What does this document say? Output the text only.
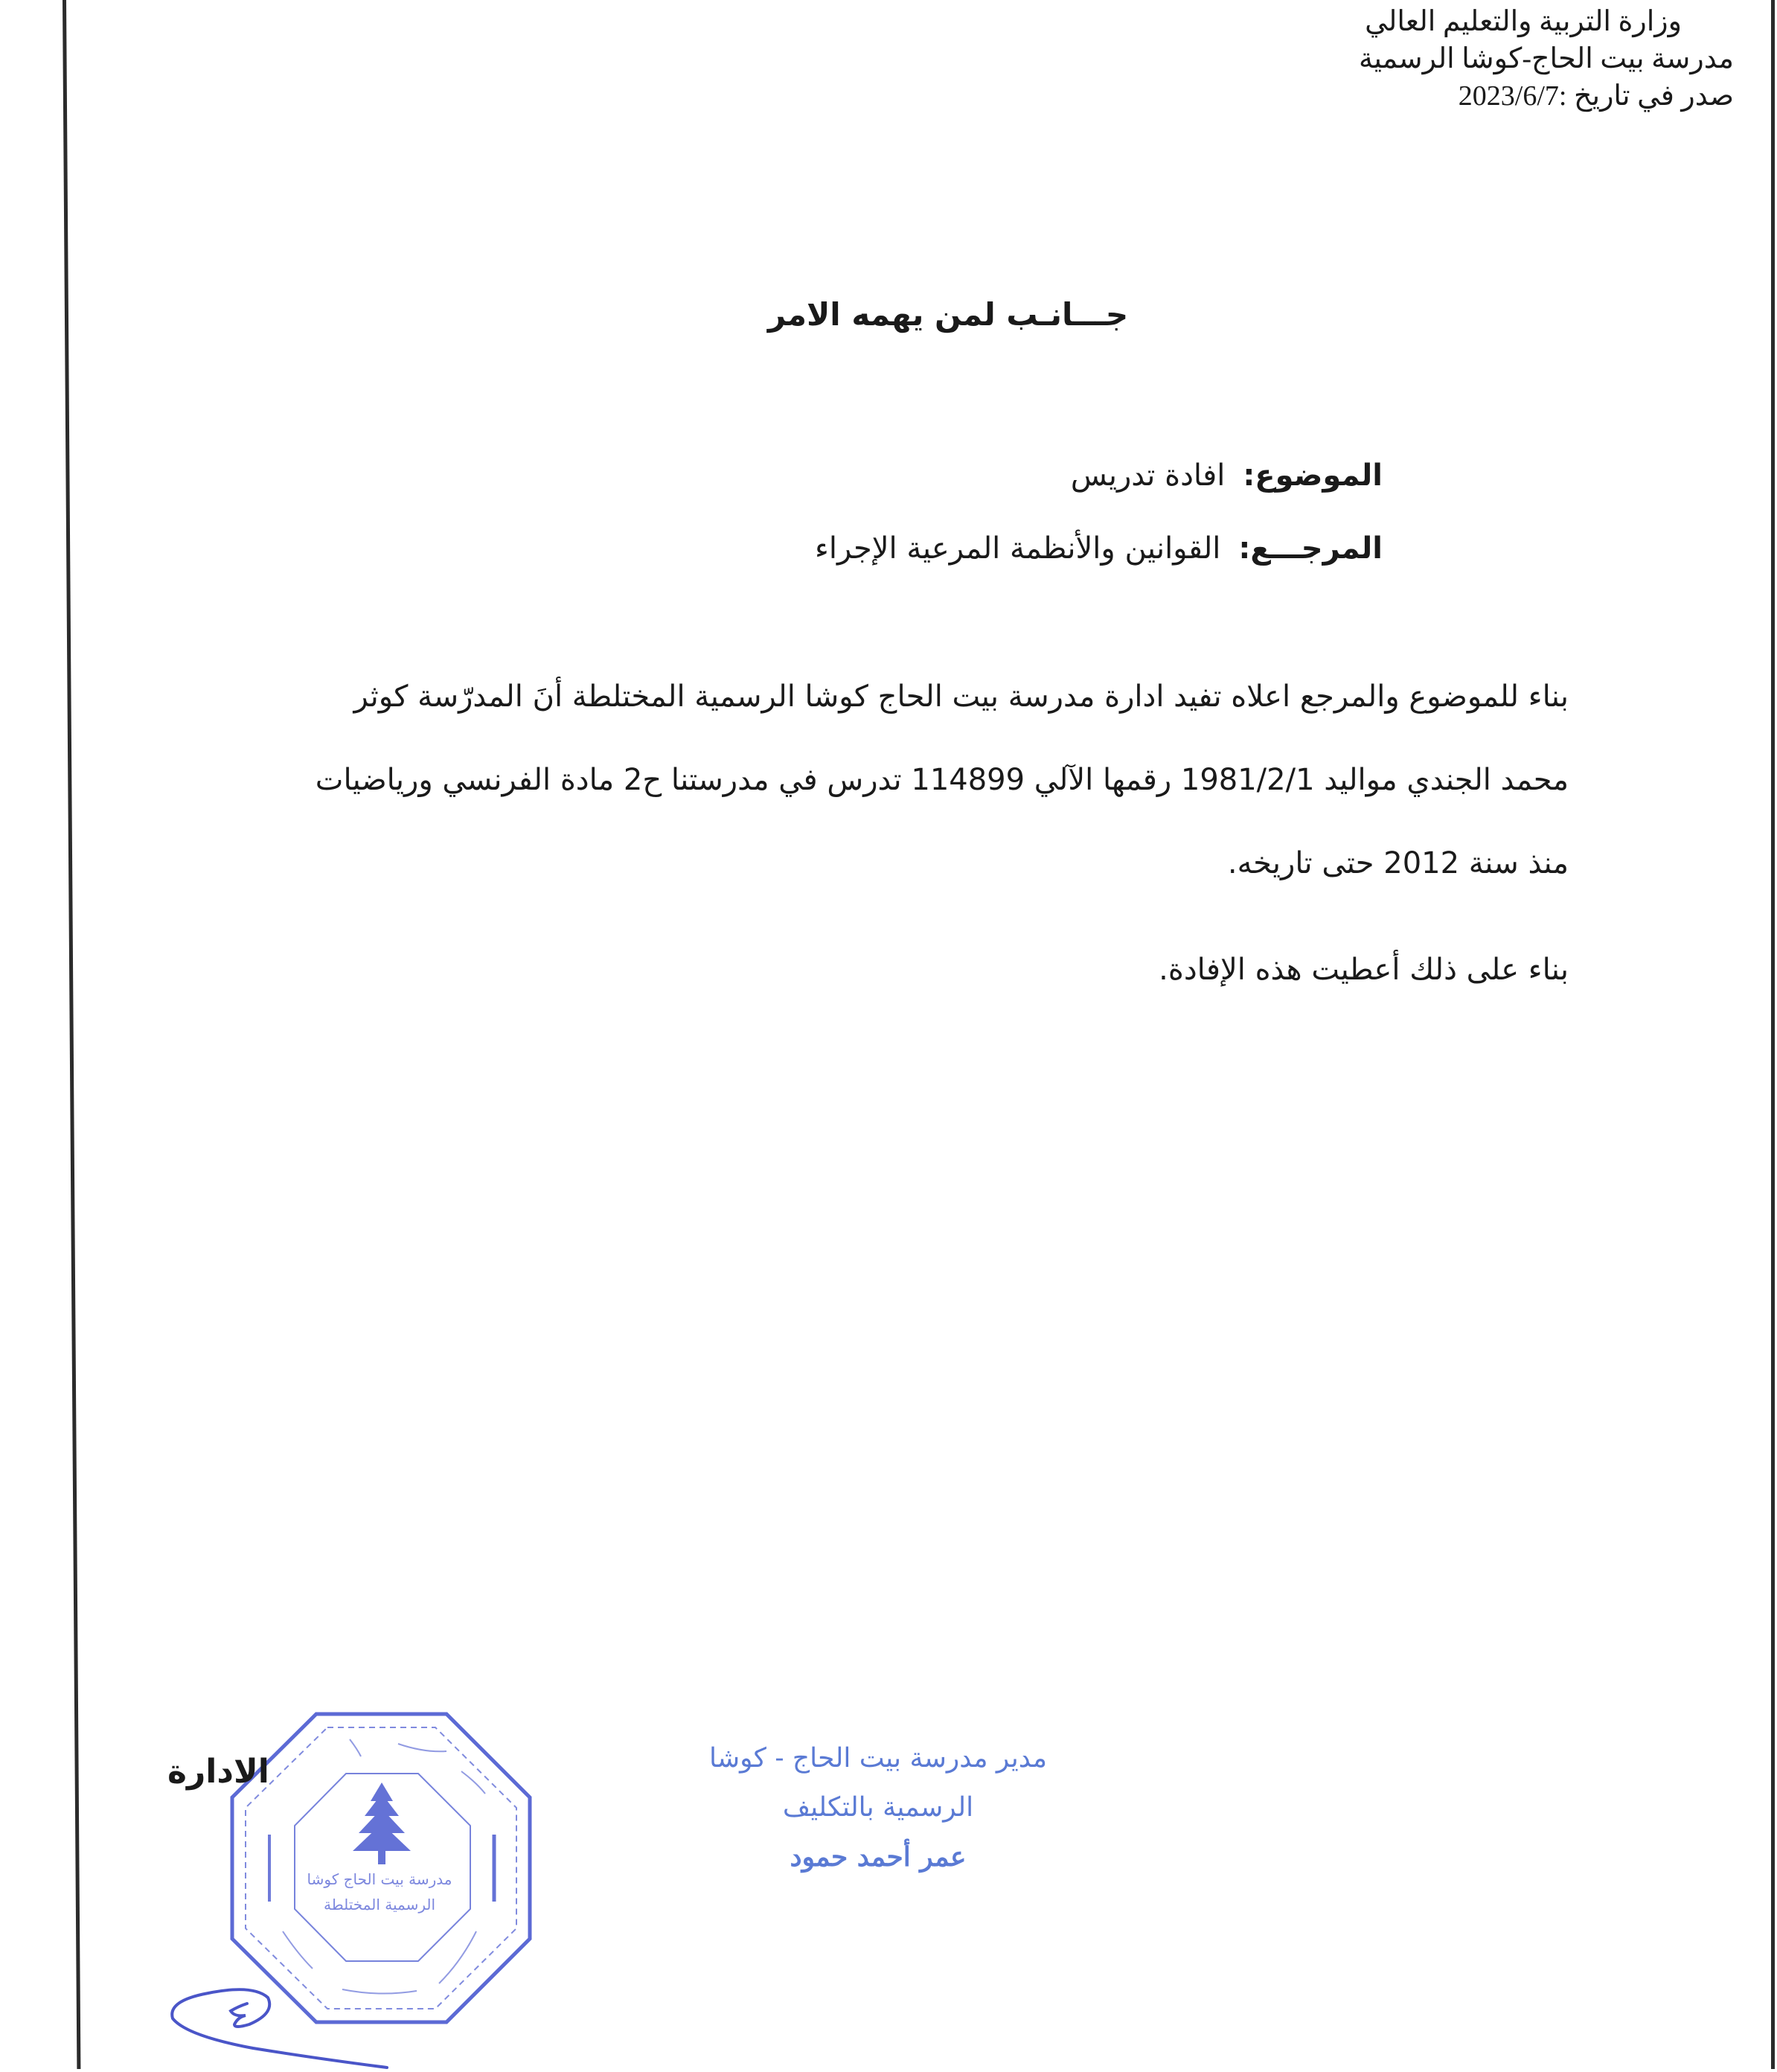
وزارة التربية والتعليم العالي
مدرسة بيت الحاج-كوشا الرسمية
صدر في تاريخ :2023/6/7
جـــانـب لمن يهمه الامر
الموضوع:افادة تدريس
المرجـــع:القوانين والأنظمة المرعية الإجراء
بناء للموضوع والمرجع اعلاه تفيد ادارة مدرسة بيت الحاج كوشا الرسمية المختلطة أنَ المدرّسة كوثر
محمد الجندي مواليد 1981/2/1 رقمها الآلي 114899 تدرس في مدرستنا ح2 مادة الفرنسي ورياضيات
منذ سنة 2012 حتى تاريخه.
بناء على ذلك أعطيت هذه الإفادة.
مدير مدرسة بيت الحاج - كوشا
الرسمية بالتكليف
عمر أحمد حمود
مدرسة بيت الحاج كوشا
الرسمية المختلطة
الادارة
